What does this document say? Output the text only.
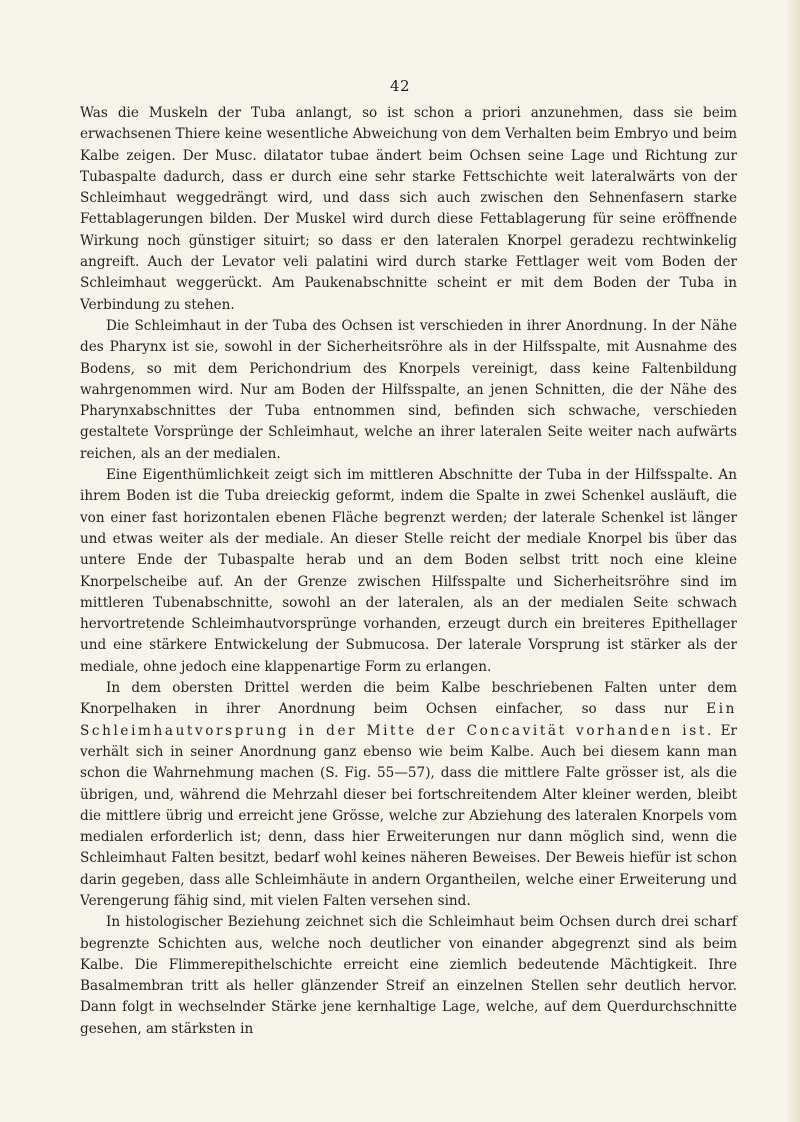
42

Was die Muskeln der Tuba anlangt, so ist schon a priori anzunehmen, dass sie beim erwachsenen Thiere keine wesentliche Abweichung von dem Verhalten beim Embryo und beim Kalbe zeigen. Der Musc. dilatator tubae ändert beim Ochsen seine Lage und Richtung zur Tubaspalte dadurch, dass er durch eine sehr starke Fettschichte weit lateralwärts von der Schleimhaut weggedrängt wird, und dass sich auch zwischen den Sehnenfasern starke Fettablagerungen bilden. Der Muskel wird durch diese Fettablagerung für seine eröffnende Wirkung noch günstiger situirt; so dass er den lateralen Knorpel geradezu rechtwinkelig angreift. Auch der Levator veli palatini wird durch starke Fettlager weit vom Boden der Schleimhaut weggerückt. Am Paukenabschnitte scheint er mit dem Boden der Tuba in Verbindung zu stehen.

Die Schleimhaut in der Tuba des Ochsen ist verschieden in ihrer Anordnung. In der Nähe des Pharynx ist sie, sowohl in der Sicherheitsröhre als in der Hilfsspalte, mit Ausnahme des Bodens, so mit dem Perichondrium des Knorpels vereinigt, dass keine Faltenbildung wahrgenommen wird. Nur am Boden der Hilfsspalte, an jenen Schnitten, die der Nähe des Pharynxabschnittes der Tuba entnommen sind, befinden sich schwache, verschieden gestaltete Vorsprünge der Schleimhaut, welche an ihrer lateralen Seite weiter nach aufwärts reichen, als an der medialen.

Eine Eigenthümlichkeit zeigt sich im mittleren Abschnitte der Tuba in der Hilfsspalte. An ihrem Boden ist die Tuba dreieckig geformt, indem die Spalte in zwei Schenkel ausläuft, die von einer fast horizontalen ebenen Fläche begrenzt werden; der laterale Schenkel ist länger und etwas weiter als der mediale. An dieser Stelle reicht der mediale Knorpel bis über das untere Ende der Tubaspalte herab und an dem Boden selbst tritt noch eine kleine Knorpelscheibe auf. An der Grenze zwischen Hilfsspalte und Sicherheitsröhre sind im mittleren Tubenabschnitte, sowohl an der lateralen, als an der medialen Seite schwach hervortretende Schleimhautvorsprünge vorhanden, erzeugt durch ein breiteres Epithellager und eine stärkere Entwickelung der Submucosa. Der laterale Vorsprung ist stärker als der mediale, ohne jedoch eine klappenartige Form zu erlangen.

In dem obersten Drittel werden die beim Kalbe beschriebenen Falten unter dem Knorpelhaken in ihrer Anordnung beim Ochsen einfacher, so dass nur Ein Schleimhautvorsprung in der Mitte der Concavität vorhanden ist. Er verhält sich in seiner Anordnung ganz ebenso wie beim Kalbe. Auch bei diesem kann man schon die Wahrnehmung machen (S. Fig. 55—57), dass die mittlere Falte grösser ist, als die übrigen, und, während die Mehrzahl dieser bei fortschreitendem Alter kleiner werden, bleibt die mittlere übrig und erreicht jene Grösse, welche zur Abziehung des lateralen Knorpels vom medialen erforderlich ist; denn, dass hier Erweiterungen nur dann möglich sind, wenn die Schleimhaut Falten besitzt, bedarf wohl keines näheren Beweises. Der Beweis hiefür ist schon darin gegeben, dass alle Schleimhäute in andern Organtheilen, welche einer Erweiterung und Verengerung fähig sind, mit vielen Falten versehen sind.

In histologischer Beziehung zeichnet sich die Schleimhaut beim Ochsen durch drei scharf begrenzte Schichten aus, welche noch deutlicher von einander abgegrenzt sind als beim Kalbe. Die Flimmerepithelschichte erreicht eine ziemlich bedeutende Mächtigkeit. Ihre Basalmembran tritt als heller glänzender Streif an einzelnen Stellen sehr deutlich hervor. Dann folgt in wechselnder Stärke jene kernhaltige Lage, welche, auf dem Querdurchschnitte gesehen, am stärksten in
